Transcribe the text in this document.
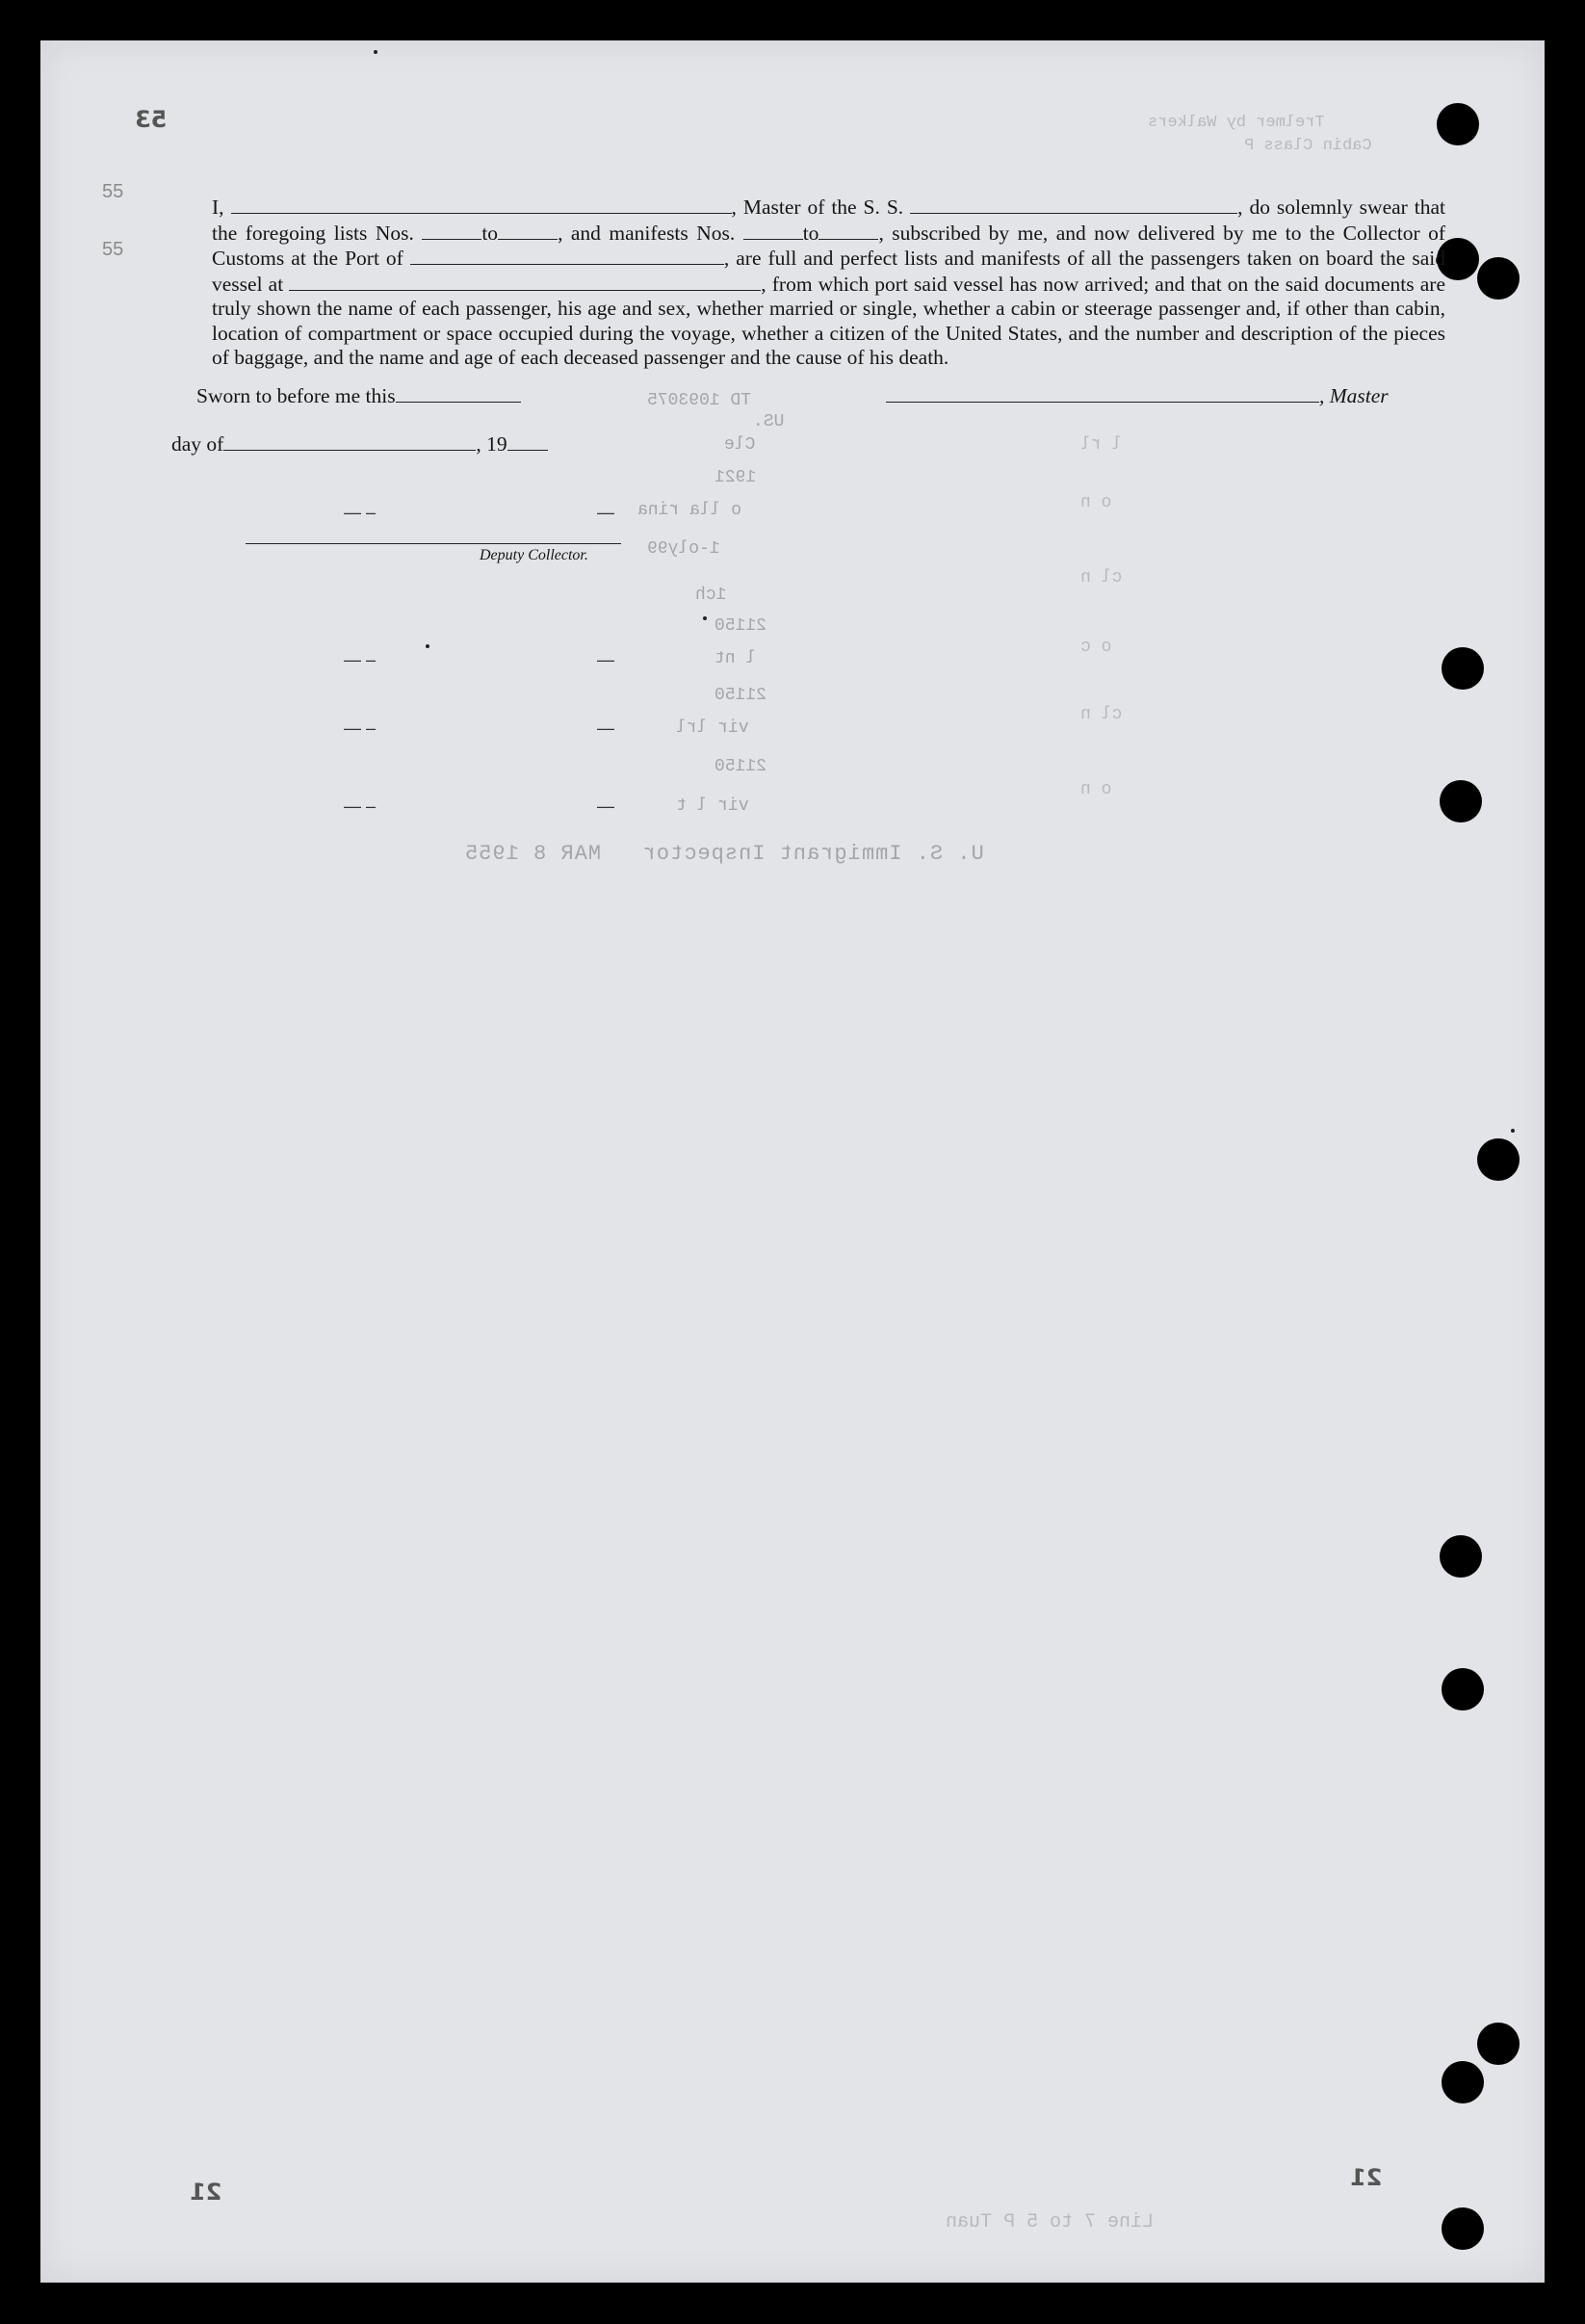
53
21
21
55
55
Trelmer by Walkers
Cabin Class P

I,	, Master of the S. S.	, do solemnly swear that the foregoing lists Nos.	to	, and manifests Nos.	to	, subscribed by me, and now delivered by me to the Collector of Customs at the Port of	, are full and perfect lists and manifests of all the passengers taken on board the said vessel at	, from which port said vessel has now arrived; and that on the said documents are truly shown the name of each passenger, his age and sex, whether married or single, whether a cabin or steerage passenger and, if other than cabin, location of compartment or space occupied during the voyage, whether a citizen of the United States, and the number and description of the pieces of baggage, and the name and age of each deceased passenger and the cause of his death.

Sworn to before me this	, Master
day of	, 19
Deputy Collector.
— –	—
—
— –
—
— –
—
— –
TD 1093075
US.
Cle
1921
o lla rina
1-oly99
1ch
21150
l nt
21150
vir lrl
21150
vir l t
l rl
o n
cl n
o c
cl n
o n
U. S. Immigrant Inspector   MAR 8 1955
Line 7 to 5 P Tuan
